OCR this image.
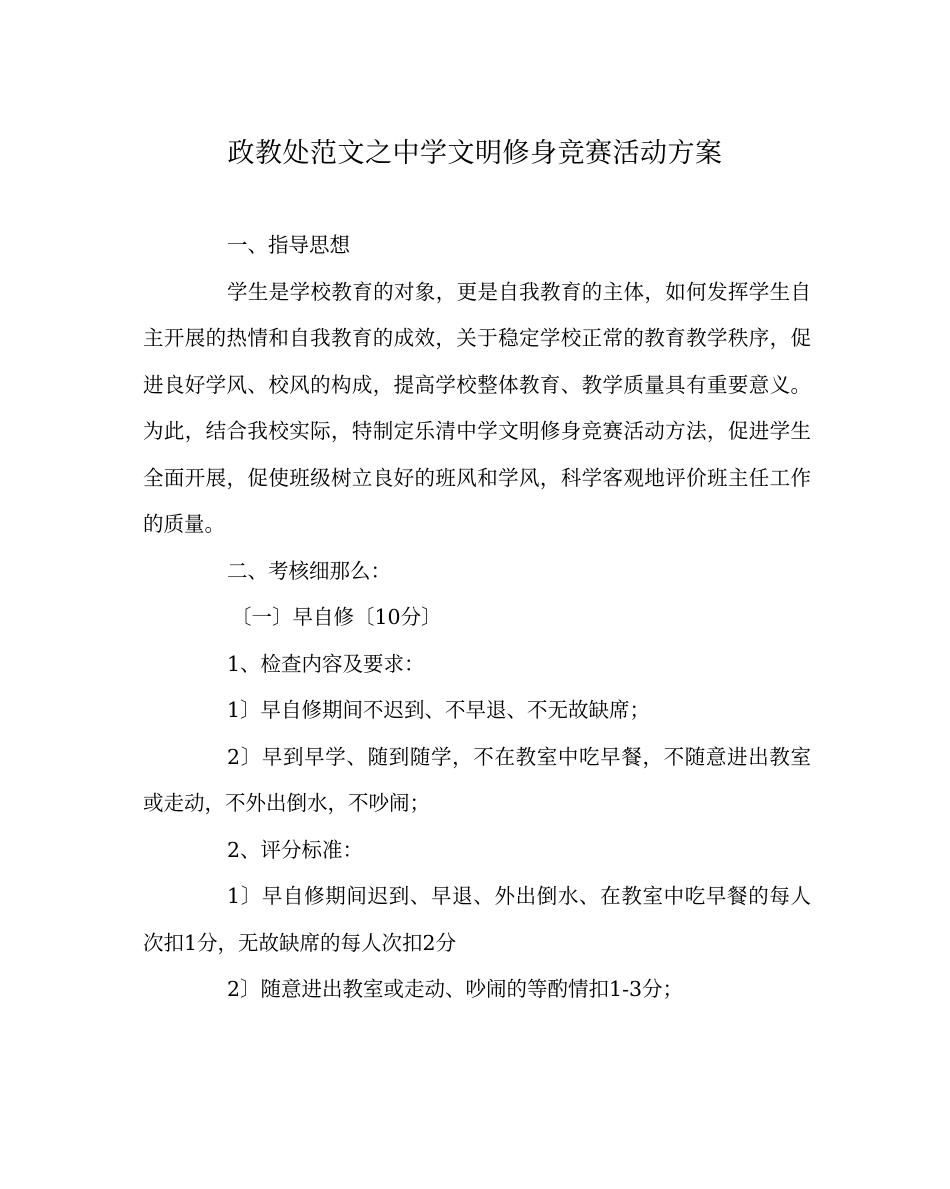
政教处范文之中学文明修身竞赛活动方案

一、指导思想

学生是学校教育的对象，更是自我教育的主体，如何发挥学生自主开展的热情和自我教育的成效，关于稳定学校正常的教育教学秩序，促进良好学风、校风的构成，提高学校整体教育、教学质量具有重要意义。为此，结合我校实际，特制定乐清中学文明修身竞赛活动方法，促进学生全面开展，促使班级树立良好的班风和学风，科学客观地评价班主任工作的质量。

二、考核细那么：

〔一〕早自修〔10分〕

1、检查内容及要求：

1〕早自修期间不迟到、不早退、不无故缺席；

2〕早到早学、随到随学，不在教室中吃早餐，不随意进出教室或走动，不外出倒水，不吵闹；

2、评分标准：

1〕早自修期间迟到、早退、外出倒水、在教室中吃早餐的每人次扣1分，无故缺席的每人次扣2分

2〕随意进出教室或走动、吵闹的等酌情扣1-3分；
